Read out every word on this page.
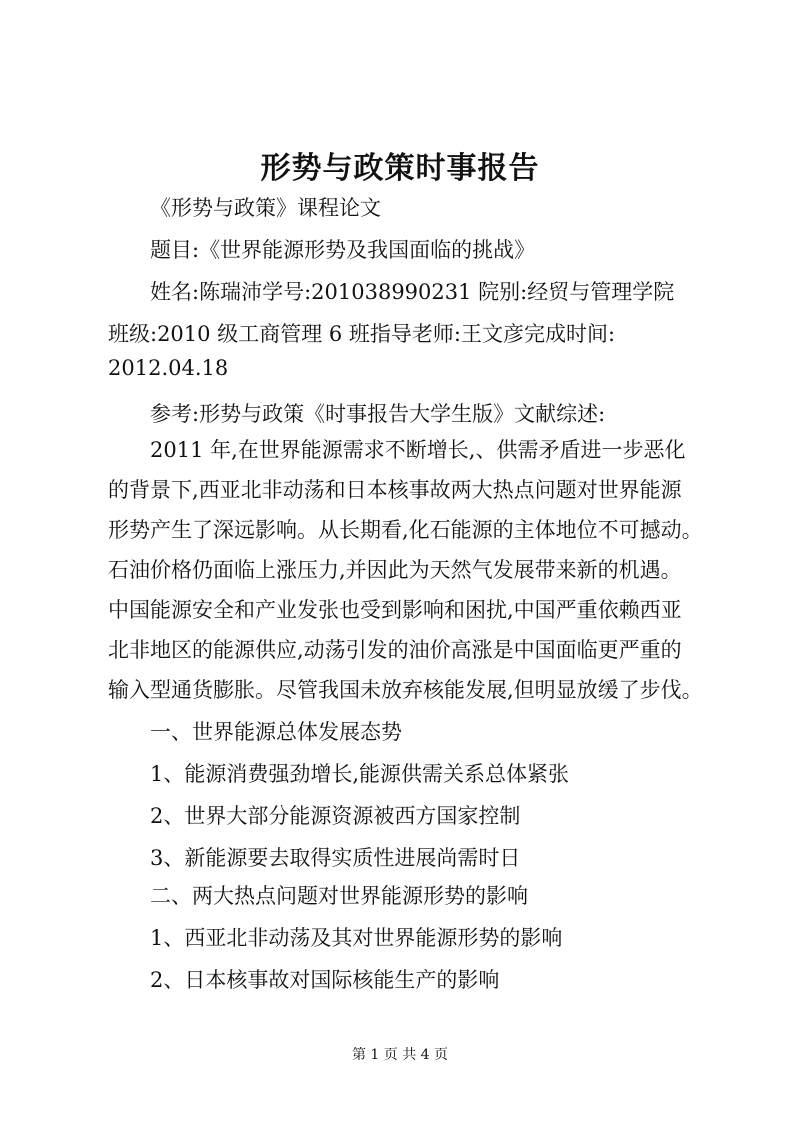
形势与政策时事报告
《形势与政策》课程论文
题目:《世界能源形势及我国面临的挑战》
姓名:陈瑞沛学号:201038990231 院别:经贸与管理学院
班级:2010 级工商管理 6 班指导老师:王文彦完成时间:
2012.04.18
参考:形势与政策《时事报告大学生版》文献综述:
2011 年,在世界能源需求不断增长,、供需矛盾进一步恶化
的背景下,西亚北非动荡和日本核事故两大热点问题对世界能源
形势产生了深远影响。从长期看,化石能源的主体地位不可撼动。
石油价格仍面临上涨压力,并因此为天然气发展带来新的机遇。
中国能源安全和产业发张也受到影响和困扰,中国严重依赖西亚
北非地区的能源供应,动荡引发的油价高涨是中国面临更严重的
输入型通货膨胀。尽管我国未放弃核能发展,但明显放缓了步伐。
一、世界能源总体发展态势
1、能源消费强劲增长,能源供需关系总体紧张
2、世界大部分能源资源被西方国家控制
3、新能源要去取得实质性进展尚需时日
二、两大热点问题对世界能源形势的影响
1、西亚北非动荡及其对世界能源形势的影响
2、日本核事故对国际核能生产的影响
第 1 页 共 4 页
